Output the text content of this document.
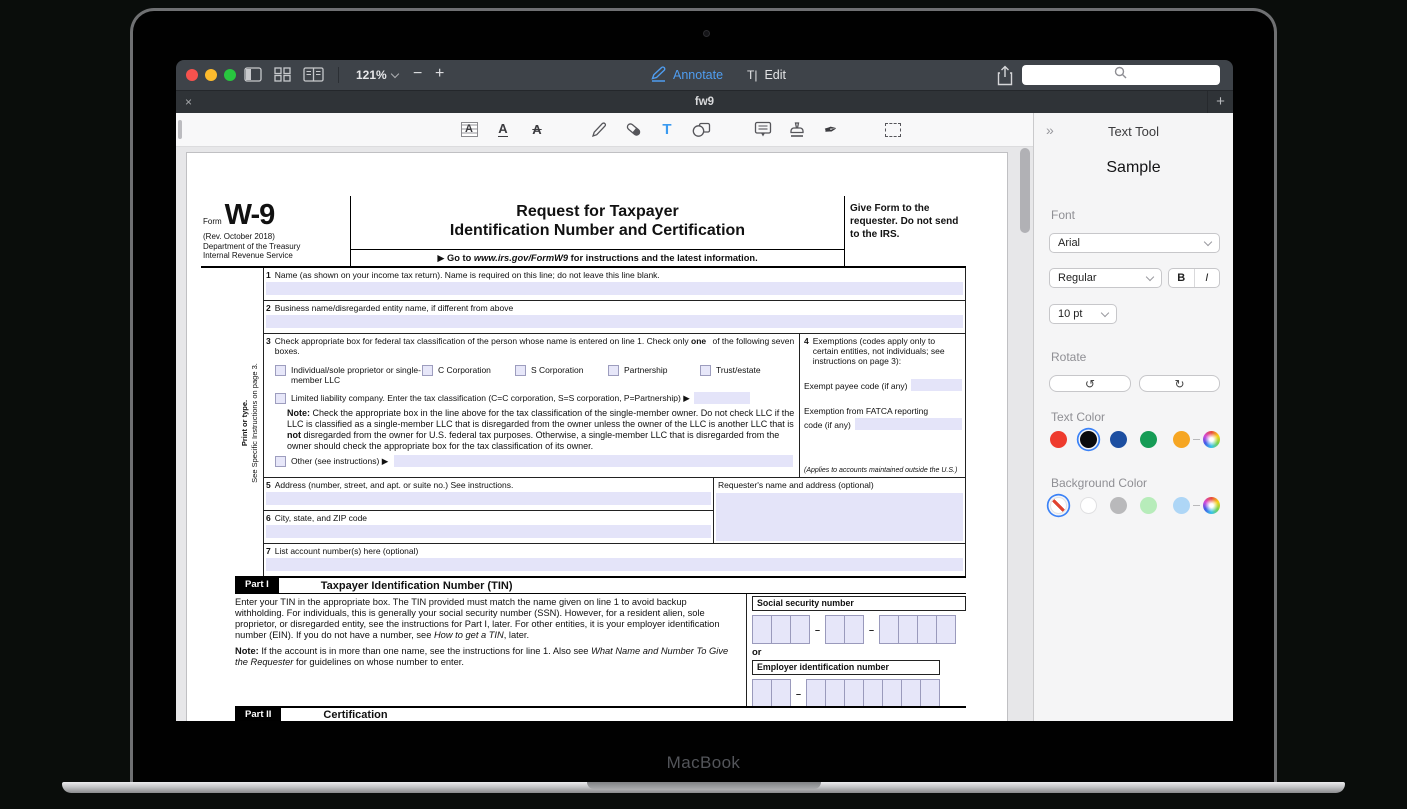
MacBook
121% − +	Annotate T| Edit
×	fw9	+
A A A	T	✒
Form W-9
(Rev. October 2018)
Department of the Treasury
Internal Revenue Service
Request for Taxpayer
Identification Number and Certification
▶ Go to www.irs.gov/FormW9 for instructions and the latest information.
Give Form to the requester. Do not send to the IRS.
Print or type. See Specific Instructions on page 3.
1 Name (as shown on your income tax return). Name is required on this line; do not leave this line blank.
2 Business name/disregarded entity name, if different from above
3 Check appropriate box for federal tax classification of the person whose name is entered on line 1. Check only one of the following seven boxes.
Individual/sole proprietor or single-member LLC
C Corporation	S Corporation	Partnership	Trust/estate
Limited liability company. Enter the tax classification (C=C corporation, S=S corporation, P=Partnership) ▶
Note: Check the appropriate box in the line above for the tax classification of the single-member owner. Do not check LLC if the LLC is classified as a single-member LLC that is disregarded from the owner unless the owner of the LLC is another LLC that is not disregarded from the owner for U.S. federal tax purposes. Otherwise, a single-member LLC that is disregarded from the owner should check the appropriate box for the tax classification of its owner.
Other (see instructions) ▶
4 Exemptions (codes apply only to certain entities, not individuals; see instructions on page 3):
Exempt payee code (if any)
Exemption from FATCA reporting
code (if any)
(Applies to accounts maintained outside the U.S.)
5 Address (number, street, and apt. or suite no.) See instructions.
6 City, state, and ZIP code
Requester's name and address (optional)
7 List account number(s) here (optional)
Part I	Taxpayer Identification Number (TIN)
Enter your TIN in the appropriate box. The TIN provided must match the name given on line 1 to avoid backup withholding. For individuals, this is generally your social security number (SSN). However, for a resident alien, sole proprietor, or disregarded entity, see the instructions for Part I, later. For other entities, it is your employer identification number (EIN). If you do not have a number, see How to get a TIN, later.
Note: If the account is in more than one name, see the instructions for line 1. Also see What Name and Number To Give the Requester for guidelines on whose number to enter.
Social security number
–	–
or
Employer identification number
–
Part II	Certification
»	Text Tool
Sample
Font
Arial
Regular	B	I
10 pt
Rotate
↺	↻
Text Color
Background Color
